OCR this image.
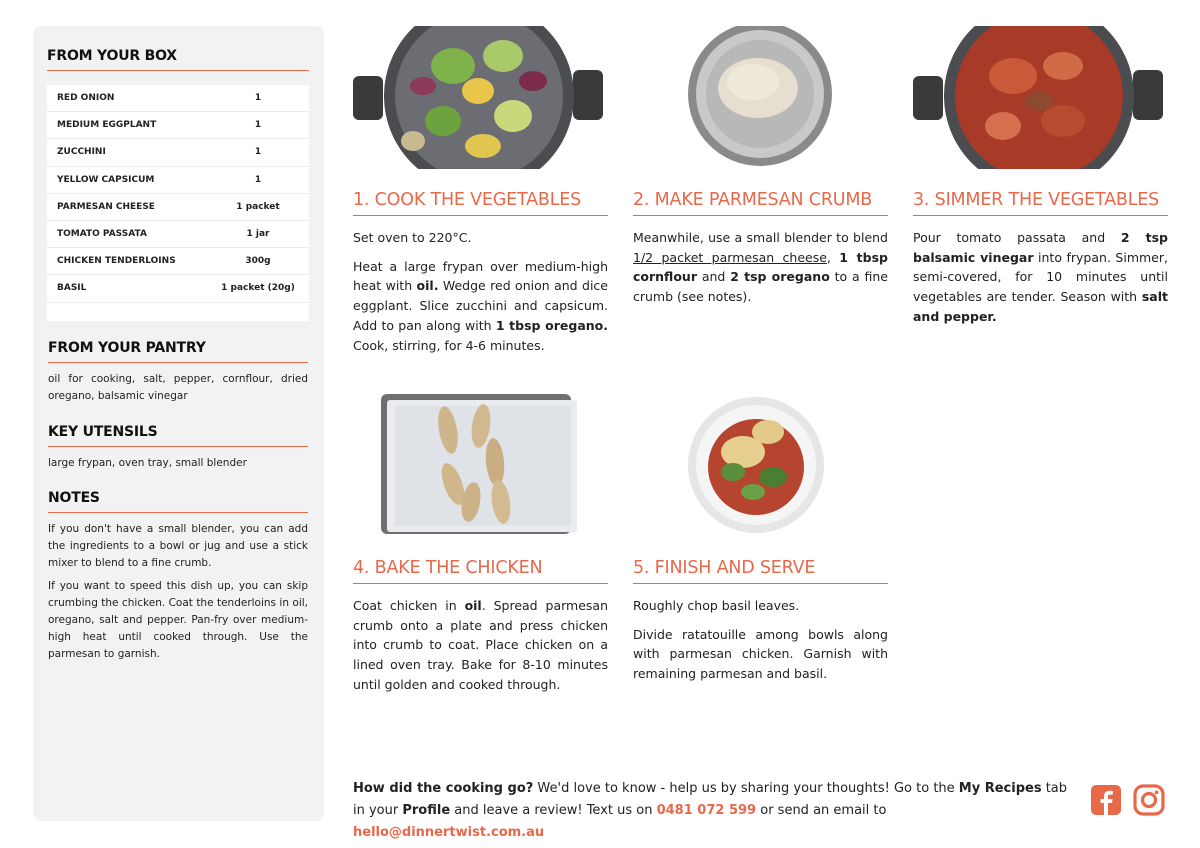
FROM YOUR BOX
RED ONION	1
MEDIUM EGGPLANT	1
ZUCCHINI	1
YELLOW CAPSICUM	1
PARMESAN CHEESE	1 packet
TOMATO PASSATA	1 jar
CHICKEN TENDERLOINS	300g
BASIL	1 packet (20g)
FROM YOUR PANTRY

oil for cooking, salt, pepper, cornflour, dried oregano, balsamic vinegar

KEY UTENSILS

large frypan, oven tray, small blender

NOTES

If you don't have a small blender, you can add the ingredients to a bowl or jug and use a stick mixer to blend to a fine crumb.

If you want to speed this dish up, you can skip crumbing the chicken. Coat the tenderloins in oil, oregano, salt and pepper. Pan-fry over medium-high heat until cooked through. Use the parmesan to garnish.

1. COOK THE VEGETABLES

Set oven to 220°C.

Heat a large frypan over medium-high heat with oil. Wedge red onion and dice eggplant. Slice zucchini and capsicum. Add to pan along with 1 tbsp oregano. Cook, stirring, for 4-6 minutes.

2. MAKE PARMESAN CRUMB

Meanwhile, use a small blender to blend 1/2 packet parmesan cheese, 1 tbsp cornflour and 2 tsp oregano to a fine crumb (see notes).

3. SIMMER THE VEGETABLES

Pour tomato passata and 2 tsp balsamic vinegar into frypan. Simmer, semi-covered, for 10 minutes until vegetables are tender. Season with salt and pepper.

4. BAKE THE CHICKEN

Coat chicken in oil. Spread parmesan crumb onto a plate and press chicken into crumb to coat. Place chicken on a lined oven tray. Bake for 8-10 minutes until golden and cooked through.

5. FINISH AND SERVE

Roughly chop basil leaves.

Divide ratatouille among bowls along with parmesan chicken. Garnish with remaining parmesan and basil.

How did the cooking go? We'd love to know - help us by sharing your thoughts! Go to the My Recipes tab in your Profile and leave a review! Text us on 0481 072 599 or send an email to hello@dinnertwist.com.au
